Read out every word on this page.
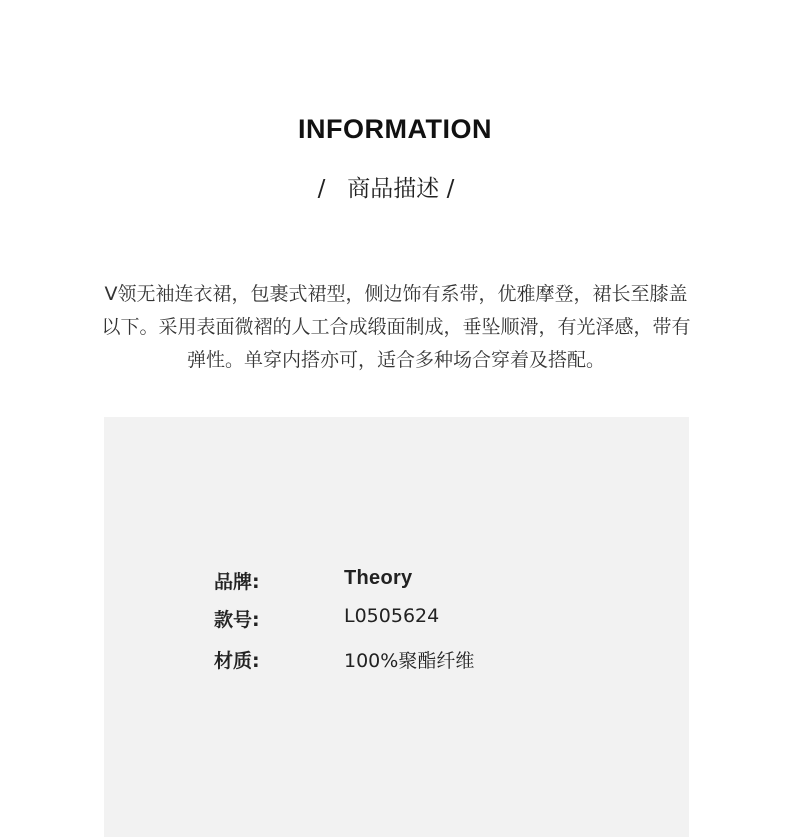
INFORMATION
/   商品描述 /
V领无袖连衣裙，包裹式裙型，侧边饰有系带，优雅摩登，裙长至膝盖以下。采用表面微褶的人工合成缎面制成，垂坠顺滑，有光泽感，带有弹性。单穿内搭亦可，适合多种场合穿着及搭配。
品牌:	Theory
款号:	L0505624
材质:	100%聚酯纤维
